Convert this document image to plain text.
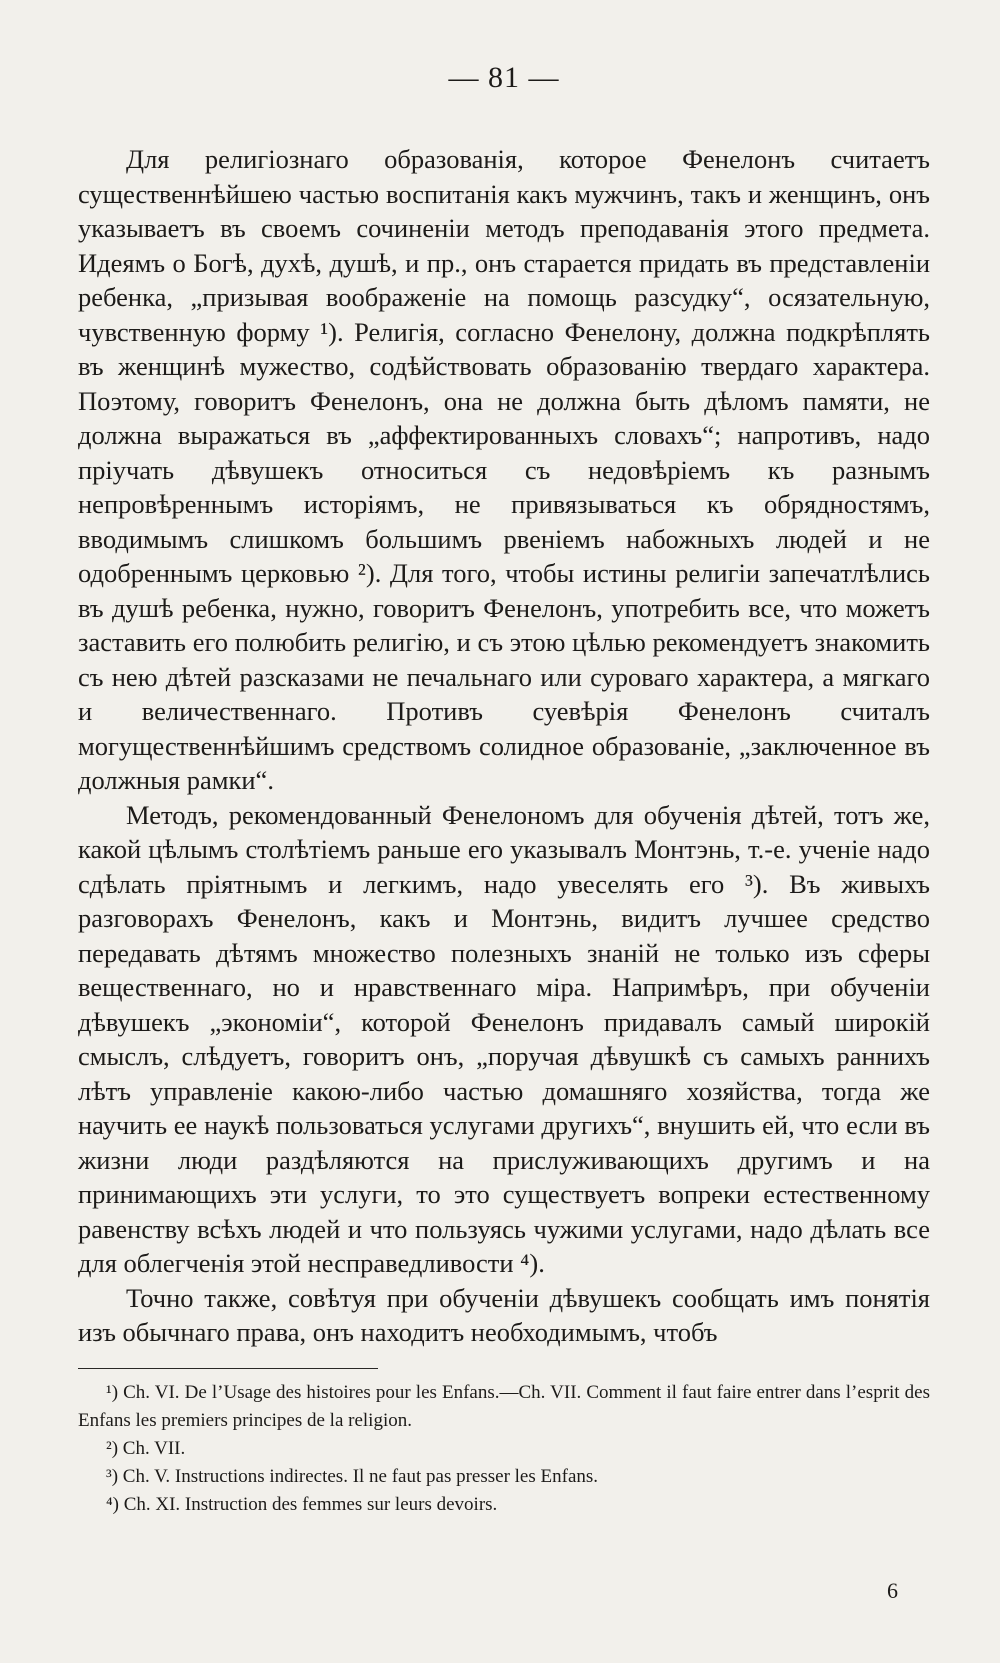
— 81 —

Для религіознаго образованія, которое Фенелонъ считаетъ существеннѣйшею частью воспитанія какъ мужчинъ, такъ и женщинъ, онъ указываетъ въ своемъ сочиненіи методъ преподаванія этого предмета. Идеямъ о Богѣ, духѣ, душѣ, и пр., онъ старается придать въ представленіи ребенка, „призывая воображеніе на помощь разсудку“, осязательную, чувственную форму ¹). Религія, согласно Фенелону, должна подкрѣплять въ женщинѣ мужество, содѣйствовать образованію твердаго характера. Поэтому, говоритъ Фенелонъ, она не должна быть дѣломъ памяти, не должна выражаться въ „аффектированныхъ словахъ“; напротивъ, надо пріучать дѣвушекъ относиться съ недовѣріемъ къ разнымъ непровѣреннымъ исторіямъ, не привязываться къ обрядностямъ, вводимымъ слишкомъ большимъ рвеніемъ набожныхъ людей и не одобреннымъ церковью ²). Для того, чтобы истины религіи запечатлѣлись въ душѣ ребенка, нужно, говоритъ Фенелонъ, употребить все, что можетъ заставить его полюбить религію, и съ этою цѣлью рекомендуетъ знакомить съ нею дѣтей разсказами не печальнаго или суроваго характера, а мягкаго и величественнаго. Противъ суевѣрія Фенелонъ считалъ могущественнѣйшимъ средствомъ солидное образованіе, „заключенное въ должныя рамки“.

Методъ, рекомендованный Фенелономъ для обученія дѣтей, тотъ же, какой цѣлымъ столѣтіемъ раньше его указывалъ Монтэнь, т.-е. ученіе надо сдѣлать пріятнымъ и легкимъ, надо увеселять его ³). Въ живыхъ разговорахъ Фенелонъ, какъ и Монтэнь, видитъ лучшее средство передавать дѣтямъ множество полезныхъ знаній не только изъ сферы вещественнаго, но и нравственнаго міра. Напримѣръ, при обученіи дѣвушекъ „экономіи“, которой Фенелонъ придавалъ самый широкій смыслъ, слѣдуетъ, говоритъ онъ, „поручая дѣвушкѣ съ самыхъ раннихъ лѣтъ управленіе какою-либо частью домашняго хозяйства, тогда же научить ее наукѣ пользоваться услугами другихъ“, внушить ей, что если въ жизни люди раздѣляются на прислуживающихъ другимъ и на принимающихъ эти услуги, то это существуетъ вопреки естественному равенству всѣхъ людей и что пользуясь чужими услугами, надо дѣлать все для облегченія этой несправедливости ⁴).

Точно также, совѣтуя при обученіи дѣвушекъ сообщать имъ понятія изъ обычнаго права, онъ находитъ необходимымъ, чтобъ

¹) Ch. VI. De l’Usage des histoires pour les Enfans.—Ch. VII. Comment il faut faire entrer dans l’esprit des Enfans les premiers principes de la religion.

²) Ch. VII.

³) Ch. V. Instructions indirectes. Il ne faut pas presser les Enfans.

⁴) Ch. XI. Instruction des femmes sur leurs devoirs.

6
